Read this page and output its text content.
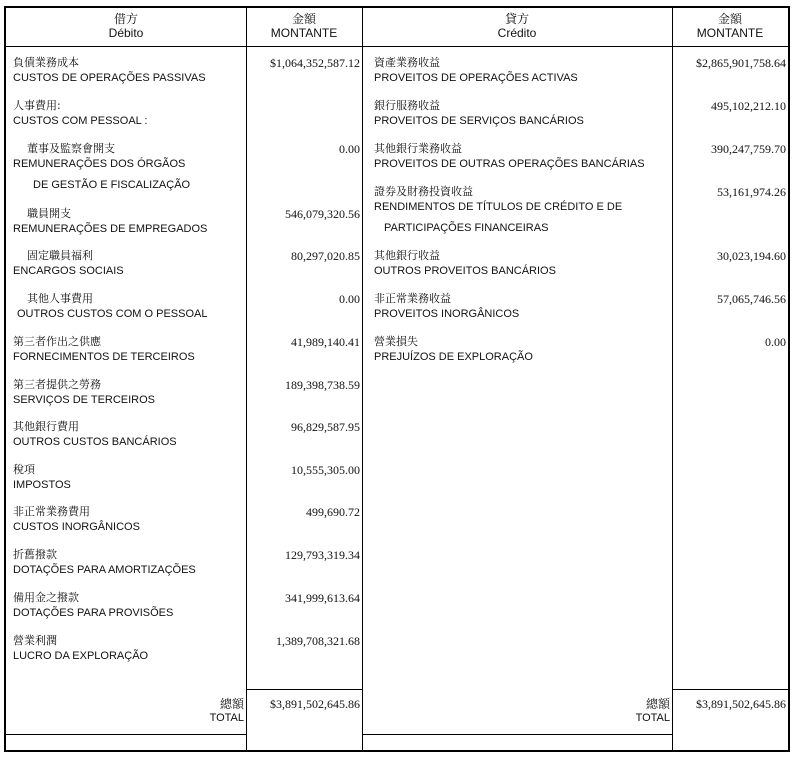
借方
Débito
金額
MONTANTE
貸方
Crédito
金額
MONTANTE
負債業務成本
CUSTOS DE OPERAÇÕES PASSIVAS
$1,064,352,587.12
人事費用:
CUSTOS COM PESSOAL :
董事及監察會開支
REMUNERAÇÕES DOS ÓRGÃOS
DE GESTÃO E FISCALIZAÇÃO
0.00
職員開支
REMUNERAÇÕES DE EMPREGADOS
546,079,320.56
固定職員福利
ENCARGOS SOCIAIS
80,297,020.85
其他人事費用
OUTROS CUSTOS COM O PESSOAL
0.00
第三者作出之供應
FORNECIMENTOS DE TERCEIROS
41,989,140.41
第三者提供之勞務
SERVIÇOS DE TERCEIROS
189,398,738.59
其他銀行費用
OUTROS CUSTOS BANCÁRIOS
96,829,587.95
稅項
IMPOSTOS
10,555,305.00
非正常業務費用
CUSTOS INORGÂNICOS
499,690.72
折舊撥款
DOTAÇÕES PARA AMORTIZAÇÕES
129,793,319.34
備用金之撥款
DOTAÇÕES PARA PROVISÕES
341,999,613.64
營業利潤
LUCRO DA EXPLORAÇÃO
1,389,708,321.68
資產業務收益
PROVEITOS DE OPERAÇÕES ACTIVAS
$2,865,901,758.64
銀行服務收益
PROVEITOS DE SERVIÇOS BANCÁRIOS
495,102,212.10
其他銀行業務收益
PROVEITOS DE OUTRAS OPERAÇÕES BANCÁRIAS
390,247,759.70
證券及財務投資收益
RENDIMENTOS DE TÍTULOS DE CRÉDITO E DE
PARTICIPAÇÕES FINANCEIRAS
53,161,974.26
其他銀行收益
OUTROS PROVEITOS BANCÁRIOS
30,023,194.60
非正常業務收益
PROVEITOS INORGÂNICOS
57,065,746.56
營業損失
PREJUÍZOS DE EXPLORAÇÃO
0.00
總額
TOTAL
$3,891,502,645.86	總額
TOTAL
$3,891,502,645.86
